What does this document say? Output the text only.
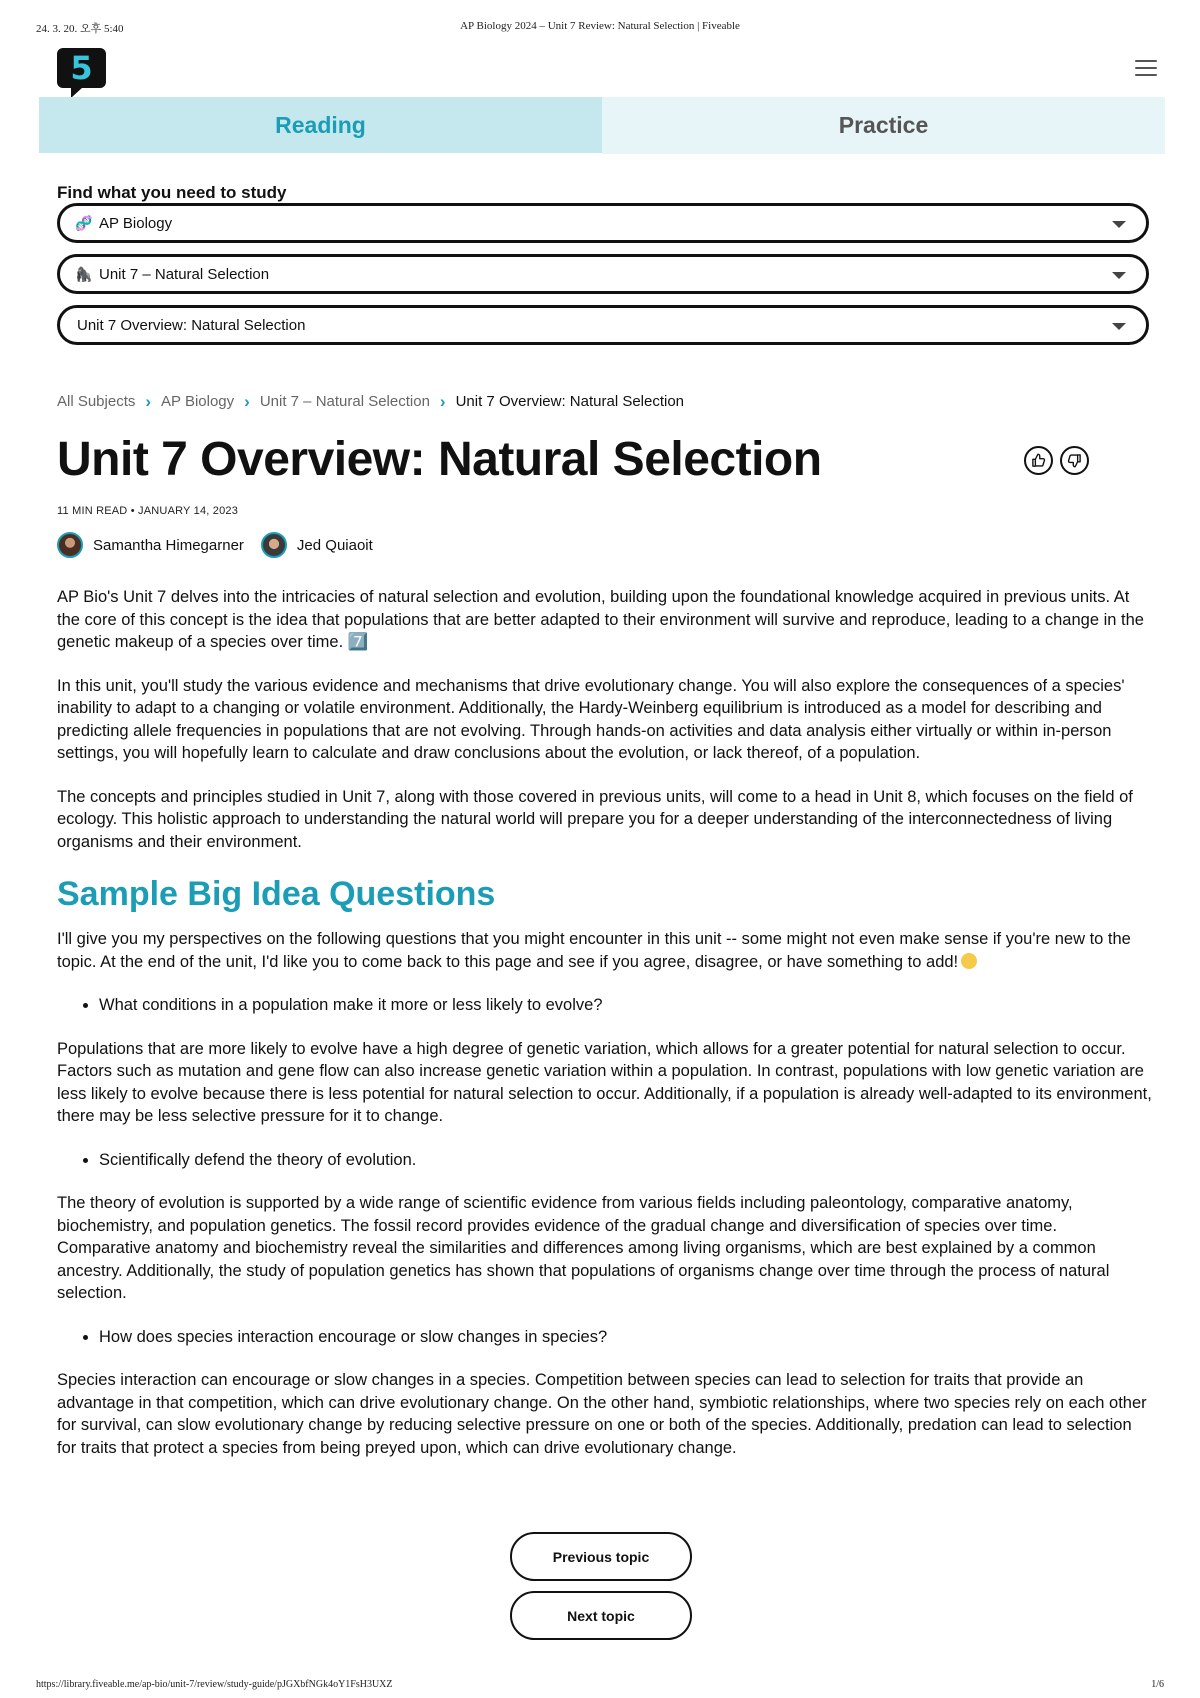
24. 3. 20. 오후 5:40	AP Biology 2024 – Unit 7 Review: Natural Selection | Fiveable
5
Reading	Practice
Find what you need to study
🧬 AP Biology
🦍 Unit 7 – Natural Selection
Unit 7 Overview: Natural Selection
All Subjects › AP Biology › Unit 7 – Natural Selection › Unit 7 Overview: Natural Selection
Unit 7 Overview: Natural Selection
11 MIN READ • JANUARY 14, 2023
Samantha Himegarner	Jed Quiaoit

AP Bio's Unit 7 delves into the intricacies of natural selection and evolution, building upon the foundational knowledge acquired in previous units. At the core of this concept is the idea that populations that are better adapted to their environment will survive and reproduce, leading to a change in the genetic makeup of a species over time. 7️⃣

In this unit, you'll study the various evidence and mechanisms that drive evolutionary change. You will also explore the consequences of a species' inability to adapt to a changing or volatile environment. Additionally, the Hardy-Weinberg equilibrium is introduced as a model for describing and predicting allele frequencies in populations that are not evolving. Through hands-on activities and data analysis either virtually or within in-person settings, you will hopefully learn to calculate and draw conclusions about the evolution, or lack thereof, of a population.

The concepts and principles studied in Unit 7, along with those covered in previous units, will come to a head in Unit 8, which focuses on the field of ecology. This holistic approach to understanding the natural world will prepare you for a deeper understanding of the interconnectedness of living organisms and their environment.

Sample Big Idea Questions

I'll give you my perspectives on the following questions that you might encounter in this unit -- some might not even make sense if you're new to the topic. At the end of the unit, I'd like you to come back to this page and see if you agree, disagree, or have something to add!

• What conditions in a population make it more or less likely to evolve?

Populations that are more likely to evolve have a high degree of genetic variation, which allows for a greater potential for natural selection to occur. Factors such as mutation and gene flow can also increase genetic variation within a population. In contrast, populations with low genetic variation are less likely to evolve because there is less potential for natural selection to occur. Additionally, if a population is already well-adapted to its environment, there may be less selective pressure for it to change.

• Scientifically defend the theory of evolution.

The theory of evolution is supported by a wide range of scientific evidence from various fields including paleontology, comparative anatomy, biochemistry, and population genetics. The fossil record provides evidence of the gradual change and diversification of species over time. Comparative anatomy and biochemistry reveal the similarities and differences among living organisms, which are best explained by a common ancestry. Additionally, the study of population genetics has shown that populations of organisms change over time through the process of natural selection.

• How does species interaction encourage or slow changes in species?

Species interaction can encourage or slow changes in a species. Competition between species can lead to selection for traits that provide an advantage in that competition, which can drive evolutionary change. On the other hand, symbiotic relationships, where two species rely on each other for survival, can slow evolutionary change by reducing selective pressure on one or both of the species. Additionally, predation can lead to selection for traits that protect a species from being preyed upon, which can drive evolutionary change.

Previous topic
Next topic
https://library.fiveable.me/ap-bio/unit-7/review/study-guide/pJGXbfNGk4oY1FsH3UXZ	1/6
